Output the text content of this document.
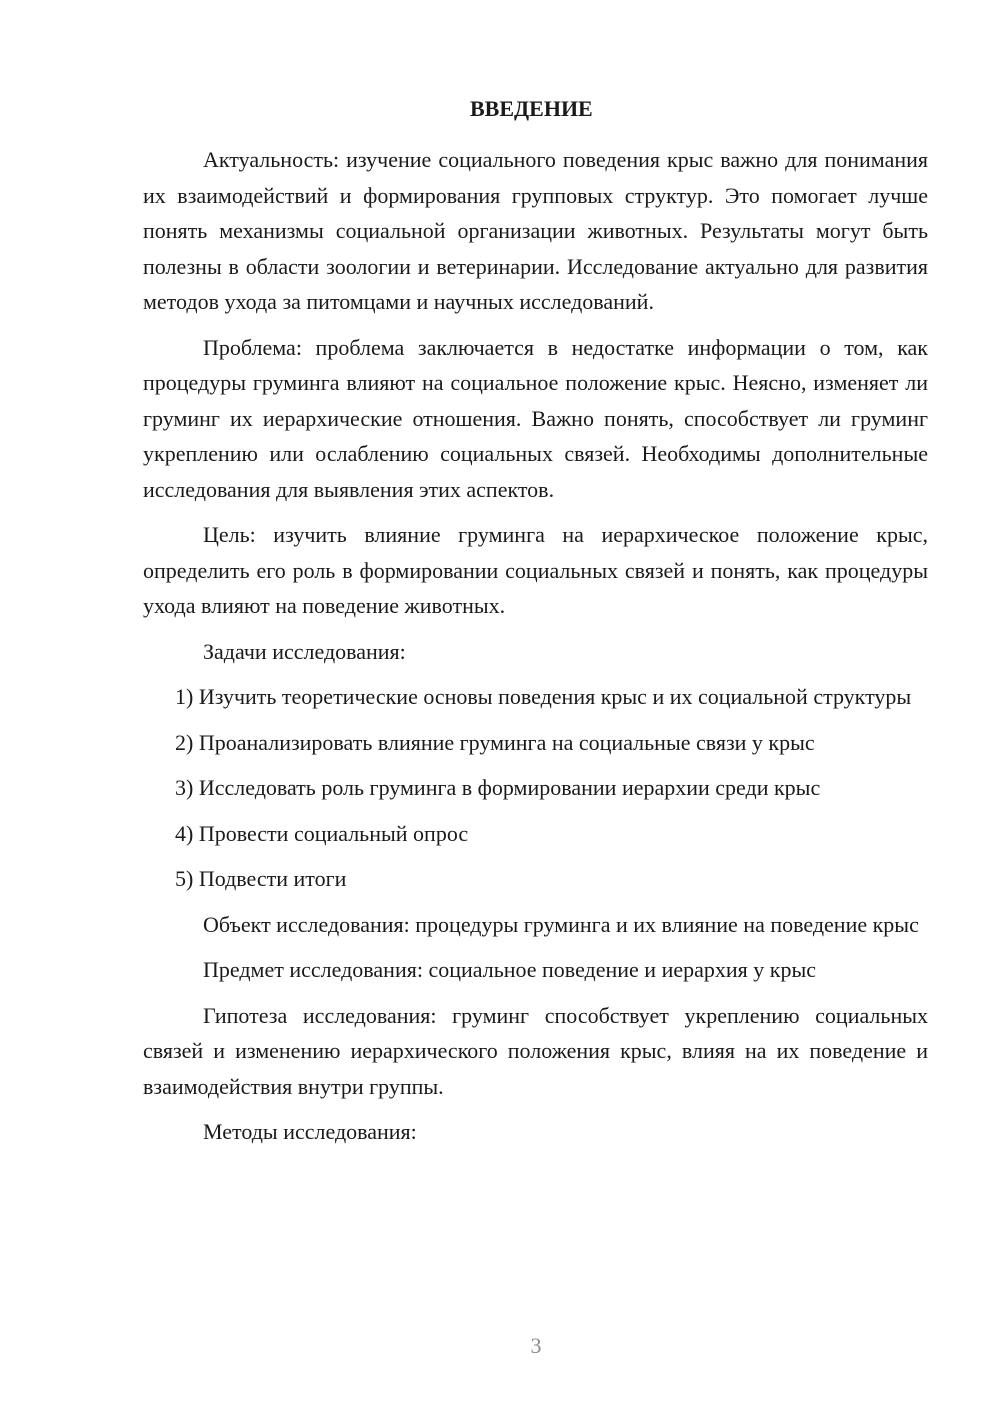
ВВЕДЕНИЕ

Актуальность: изучение социального поведения крыс важно для понимания их взаимодействий и формирования групповых структур. Это помогает лучше понять механизмы социальной организации животных. Результаты могут быть полезны в области зоологии и ветеринарии. Исследование актуально для развития методов ухода за питомцами и научных исследований.

Проблема: проблема заключается в недостатке информации о том, как процедуры груминга влияют на социальное положение крыс. Неясно, изменяет ли груминг их иерархические отношения. Важно понять, способствует ли груминг укреплению или ослаблению социальных связей. Необходимы дополнительные исследования для выявления этих аспектов.

Цель: изучить влияние груминга на иерархическое положение крыс, определить его роль в формировании социальных связей и понять, как процедуры ухода влияют на поведение животных.

Задачи исследования:

1) Изучить теоретические основы поведения крыс и их социальной структуры

2) Проанализировать влияние груминга на социальные связи у крыс

3) Исследовать роль груминга в формировании иерархии среди крыс

4) Провести социальный опрос

5) Подвести итоги

Объект исследования: процедуры груминга и их влияние на поведение крыс

Предмет исследования: социальное поведение и иерархия у крыс

Гипотеза исследования: груминг способствует укреплению социальных связей и изменению иерархического положения крыс, влияя на их поведение и взаимодействия внутри группы.

Методы исследования:

3
